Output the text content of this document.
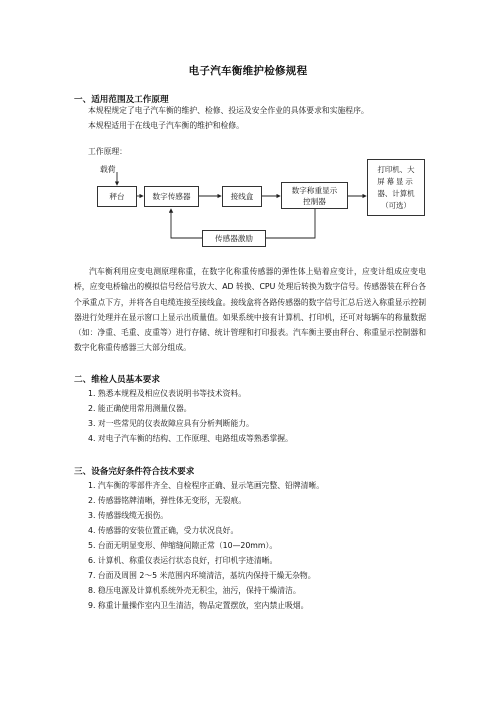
电子汽车衡维护检修规程
一、适用范围及工作原理
本规程规定了电子汽车衡的维护、检修、投运及安全作业的具体要求和实施程序。
本规程适用于在线电子汽车衡的维护和检修。
工作原理：
载荷
秤台	数字传感器	接线盒
数字称重显示
控制器
打印机、大
屏幕显示
器、计算机
（可选）
传感器激励
汽车衡利用应变电测原理称重，在数字化称重传感器的弹性体上贴着应变计，应变计组成应变电桥，应变电桥输出的模拟信号经信号放大、AD 转换、CPU 处理后转换为数字信号。传感器装在秤台各个承重点下方，并将各自电缆连接至接线盒。接线盒将各路传感器的数字信号汇总后送入称重显示控制器进行处理并在显示窗口上显示出质量值。如果系统中接有计算机、打印机，还可对每辆车的称量数据（如：净重、毛重、皮重等）进行存储、统计管理和打印报表。汽车衡主要由秤台、称重显示控制器和数字化称重传感器三大部分组成。
二、维检人员基本要求
1. 熟悉本规程及相应仪表说明书等技术资料。
2. 能正确使用常用测量仪器。
3. 对一些常见的仪表故障应具有分析判断能力。
4. 对电子汽车衡的结构、工作原理、电路组成等熟悉掌握。
三、设备完好条件符合技术要求
1. 汽车衡的零部件齐全、自检程序正确、显示笔画完整、铅牌清晰。
2. 传感器铭牌清晰，弹性体无变形，无裂痕。
3. 传感器线缆无损伤。
4. 传感器的安装位置正确，受力状况良好。
5. 台面无明显变形、伸缩缝间隙正常（10—20mm）。
6. 计算机、称重仪表运行状态良好，打印机字迹清晰。
7. 台面及周围 2～5 米范围内环境清洁，基坑内保持干燥无杂物。
8. 稳压电源及计算机系统外壳无积尘，油污，保持干燥清洁。
9. 称重计量操作室内卫生清洁，物品定置摆放，室内禁止吸烟。
